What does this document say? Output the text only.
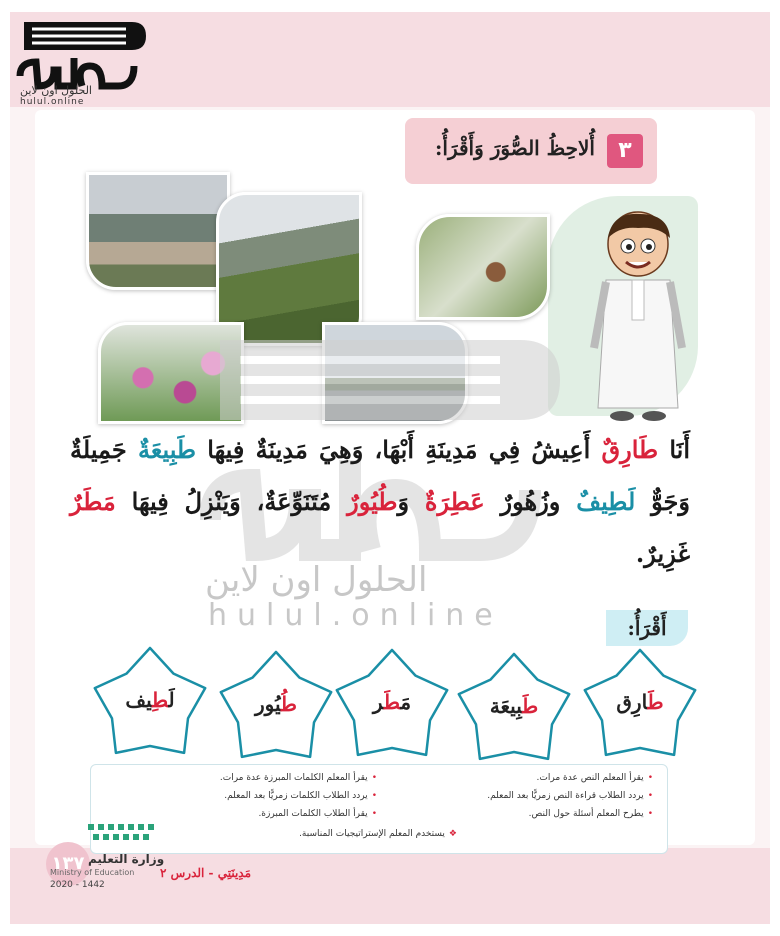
الحلول اون لاين
hulul.online
٣
أُلاحِظُ الصُّوَرَ وَأَقْرَأُ:
الحلول اون لاين
hulul.online
أَنَا طَارِقٌ أَعِيشُ فِي مَدِينَةِ أَبْهَا، وَهِيَ مَدِينَةٌ فِيهَا طَبِيعَةٌ جَمِيلَةٌ وَجَوٌّ لَطِيفٌ وزُهُورٌ عَطِرَةٌ وَطُيُورٌ مُتَنَوِّعَةٌ، وَيَنْزِلُ فِيهَا مَطَرٌ غَزِيرٌ.
أَقْرَأُ:
طَارِق
طَبِيعَة
مَطَر
طُيُور
لَطِيف
•يقرأ المعلم النص عدة مرات.
•يردد الطلاب قراءة النص زمريًّا بعد المعلم.
•يطرح المعلم أسئلة حول النص.
•يقرأ المعلم الكلمات المبرزة عدة مرات.
•يردد الطلاب الكلمات زمريًّا بعد المعلم.
•يقرأ الطلاب الكلمات المبرزة.
❖يستخدم المعلم الإستراتيجيات المناسبة.
١٣٧ وزارة التعليم
Ministry of Education
2020 - 1442
مَدِينَتِي - الدرس ٢
